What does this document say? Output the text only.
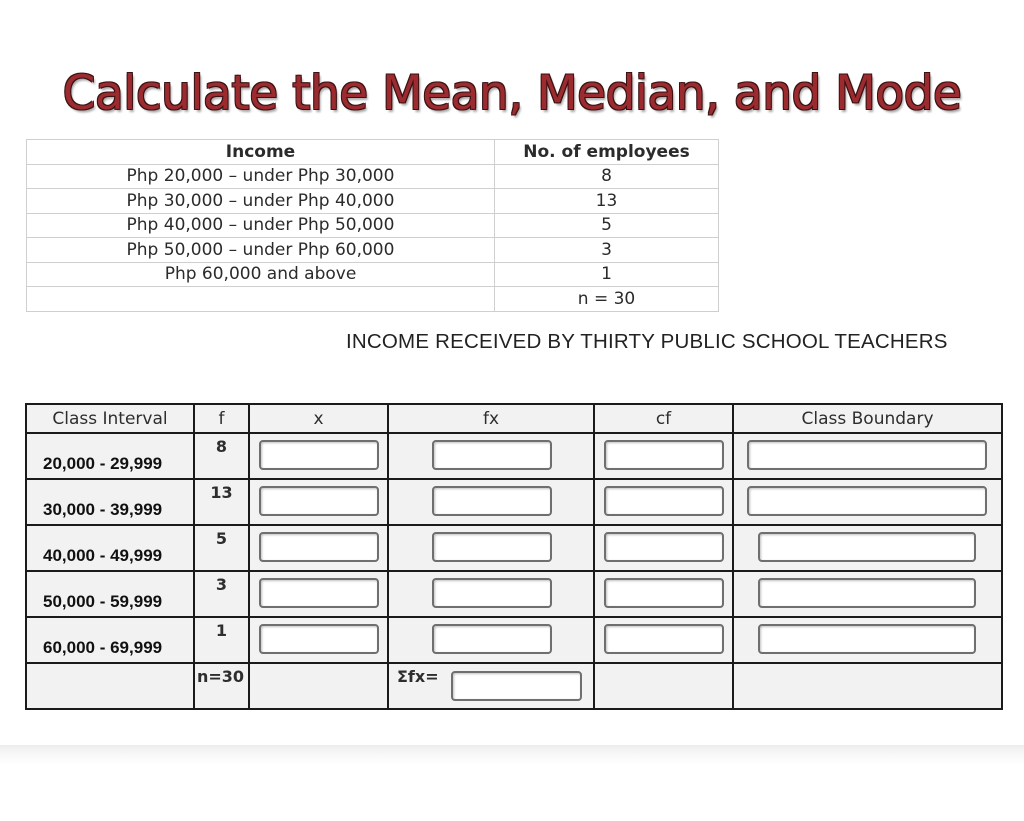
Calculate the Mean, Median, and Mode
Income	No. of employees
Php 20,000 – under Php 30,000	8
Php 30,000 – under Php 40,000	13
Php 40,000 – under Php 50,000	5
Php 50,000 – under Php 60,000	3
Php 60,000 and above	1
	n = 30
INCOME RECEIVED BY THIRTY PUBLIC SCHOOL TEACHERS
Class Interval	f	x	fx	cf	Class Boundary

20,000 - 29,999	8				

30,000 - 39,999	13				

40,000 - 49,999	5				

50,000 - 59,999	3				

60,000 - 69,999	1				

	n=30		Σfx=		
